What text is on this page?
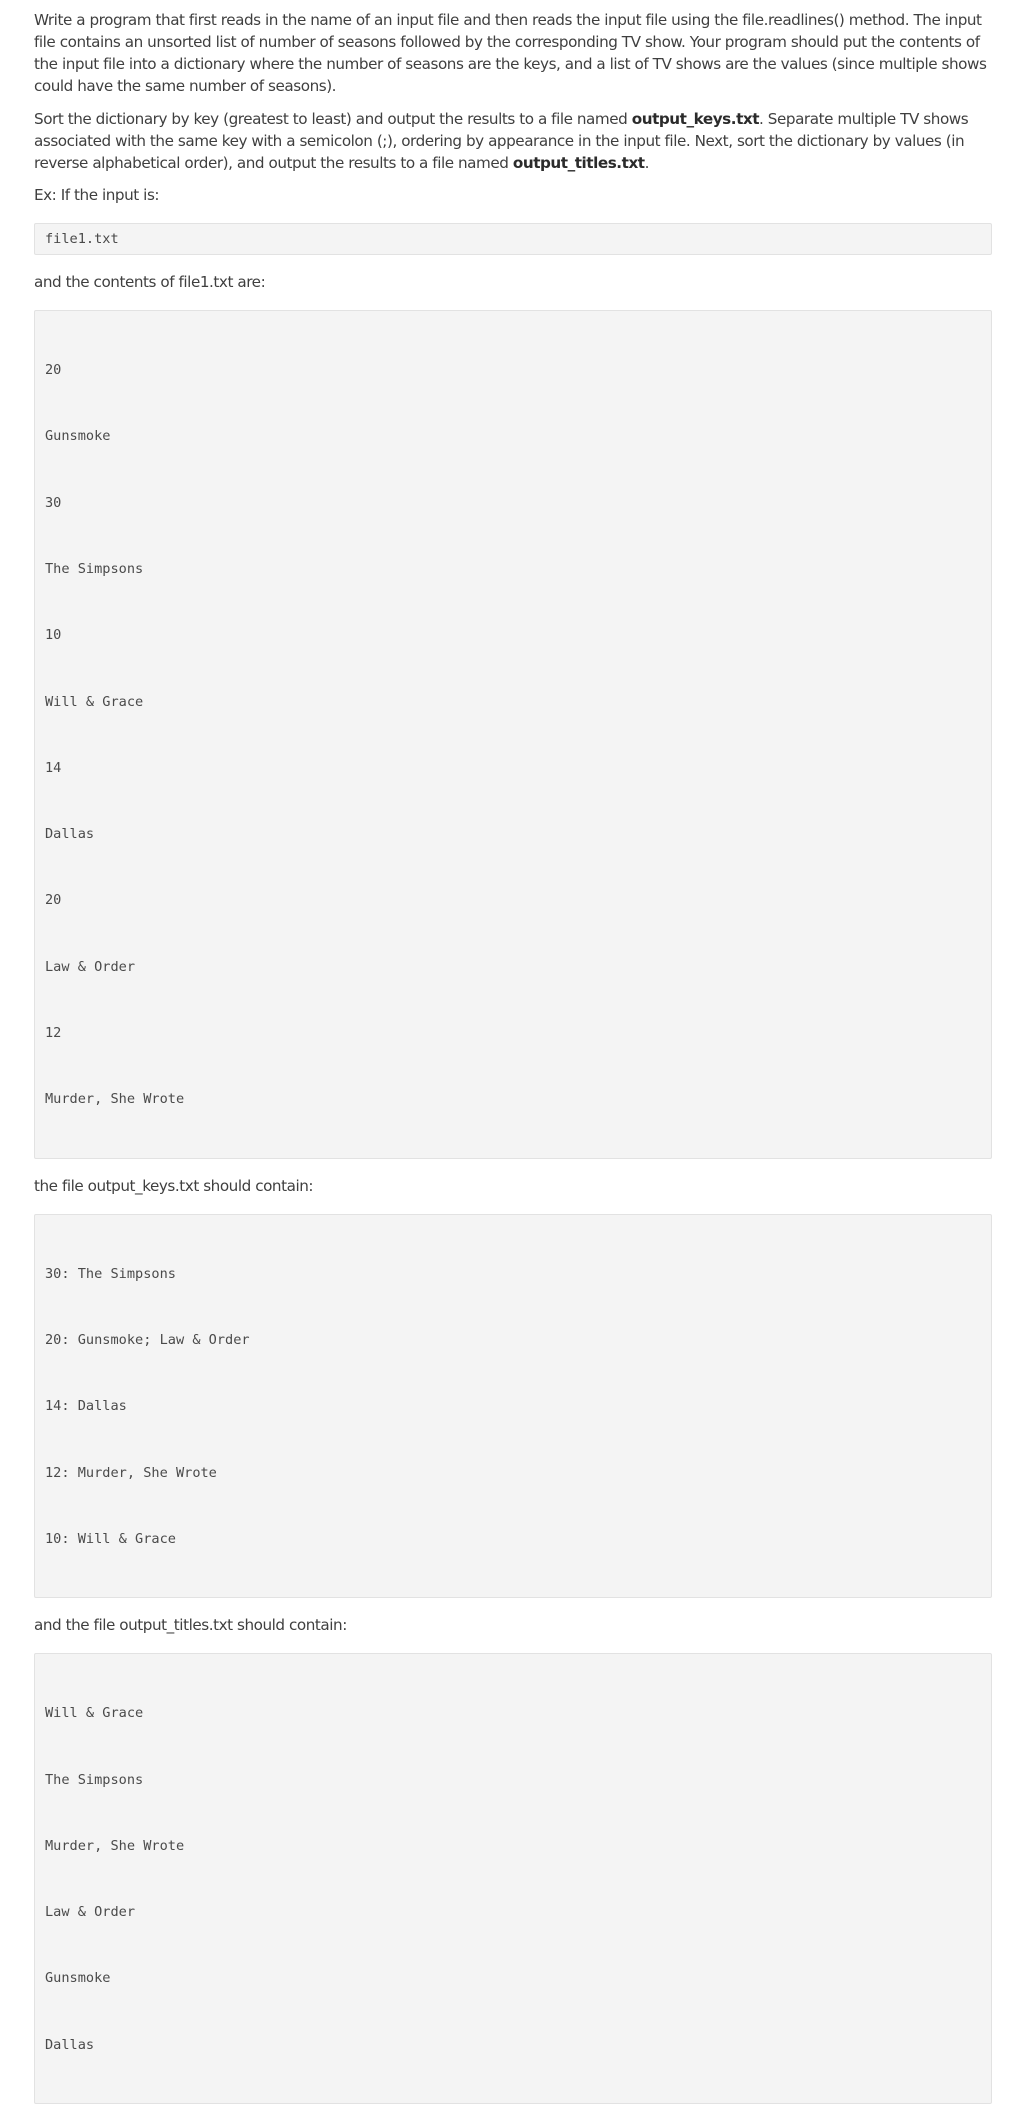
Write a program that first reads in the name of an input file and then reads the input file using the file.readlines() method. The input file contains an unsorted list of number of seasons followed by the corresponding TV show. Your program should put the contents of the input file into a dictionary where the number of seasons are the keys, and a list of TV shows are the values (since multiple shows could have the same number of seasons).

Sort the dictionary by key (greatest to least) and output the results to a file named output_keys.txt. Separate multiple TV shows associated with the same key with a semicolon (;), ordering by appearance in the input file. Next, sort the dictionary by values (in reverse alphabetical order), and output the results to a file named output_titles.txt.

Ex: If the input is:

file1.txt

and the contents of file1.txt are:

20

Gunsmoke

30

The Simpsons

10

Will & Grace

14

Dallas

20

Law & Order

12

Murder, She Wrote

the file output_keys.txt should contain:

30: The Simpsons

20: Gunsmoke; Law & Order

14: Dallas

12: Murder, She Wrote

10: Will & Grace

and the file output_titles.txt should contain:

Will & Grace

The Simpsons

Murder, She Wrote

Law & Order

Gunsmoke

Dallas
